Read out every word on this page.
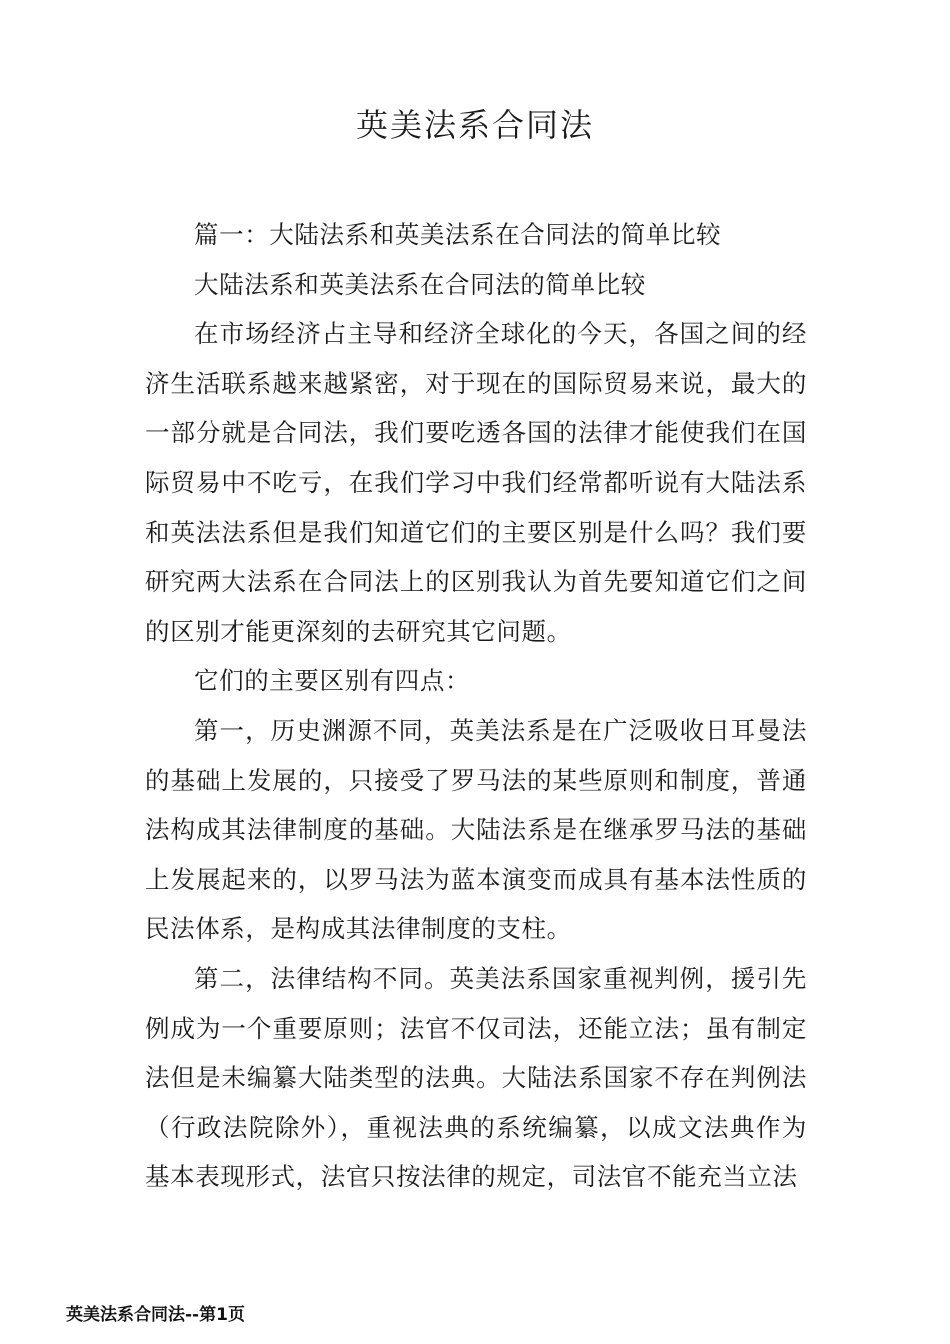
英美法系合同法

篇一：大陆法系和英美法系在合同法的简单比较

大陆法系和英美法系在合同法的简单比较

在市场经济占主导和经济全球化的今天，各国之间的经济生活联系越来越紧密，对于现在的国际贸易来说，最大的一部分就是合同法，我们要吃透各国的法律才能使我们在国际贸易中不吃亏，在我们学习中我们经常都听说有大陆法系和英法法系但是我们知道它们的主要区别是什么吗？我们要研究两大法系在合同法上的区别我认为首先要知道它们之间的区别才能更深刻的去研究其它问题。

它们的主要区别有四点：

第一，历史渊源不同，英美法系是在广泛吸收日耳曼法的基础上发展的，只接受了罗马法的某些原则和制度，普通法构成其法律制度的基础。大陆法系是在继承罗马法的基础上发展起来的，以罗马法为蓝本演变而成具有基本法性质的民法体系，是构成其法律制度的支柱。

第二，法律结构不同。英美法系国家重视判例，援引先例成为一个重要原则；法官不仅司法，还能立法；虽有制定法但是未编纂大陆类型的法典。大陆法系国家不存在判例法（行政法院除外），重视法典的系统编纂，以成文法典作为基本表现形式，法官只按法律的规定，司法官不能充当立法

英美法系合同法--第1页
